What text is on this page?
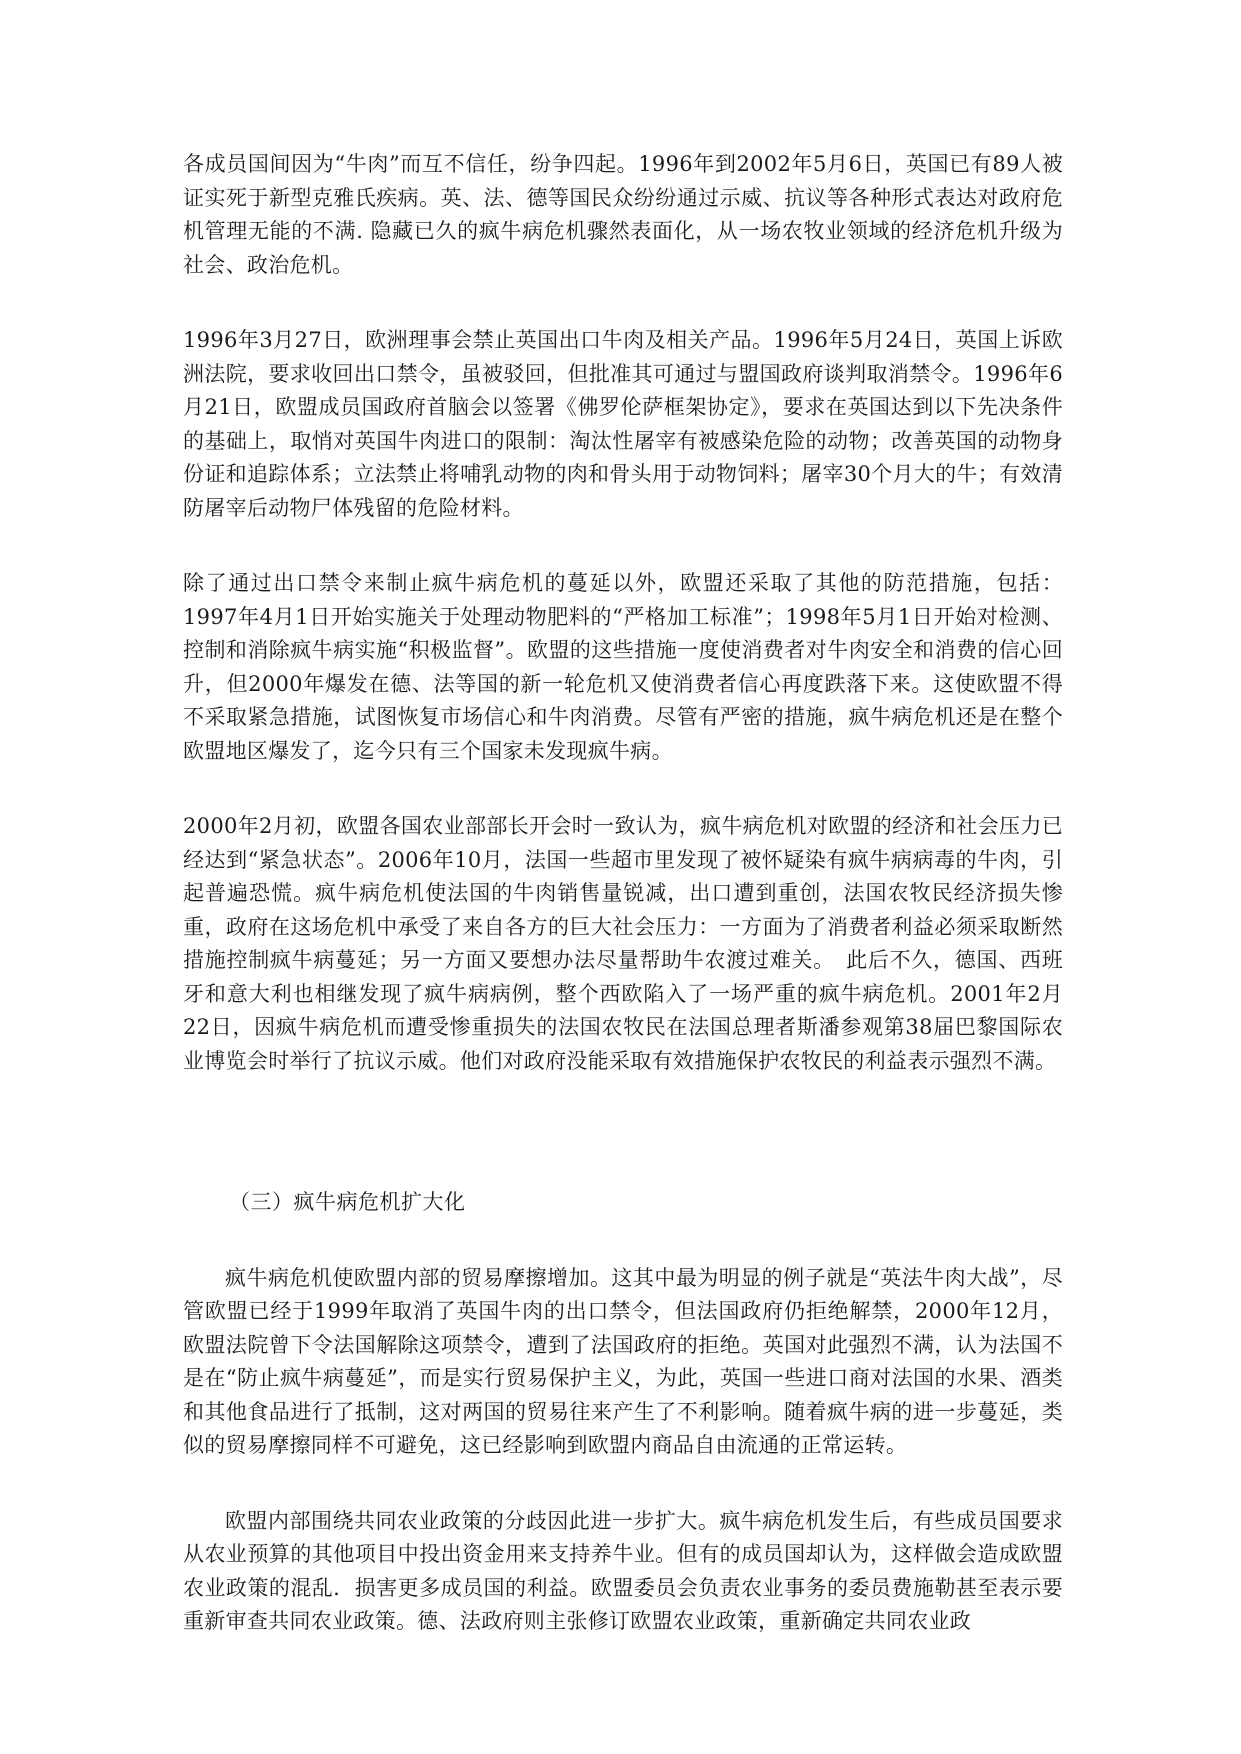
各成员国间因为“牛肉”而互不信任，纷争四起。1996年到2002年5月6日，英国已有89人被证实死于新型克雅氏疾病。英、法、德等国民众纷纷通过示威、抗议等各种形式表达对政府危机管理无能的不满. 隐藏已久的疯牛病危机骤然表面化，从一场农牧业领域的经济危机升级为社会、政治危机。

1996年3月27日，欧洲理事会禁止英国出口牛肉及相关产品。1996年5月24日，英国上诉欧洲法院，要求收回出口禁令，虽被驳回，但批准其可通过与盟国政府谈判取消禁令。1996年6月21日，欧盟成员国政府首脑会以签署《佛罗伦萨框架协定》，要求在英国达到以下先决条件的基础上，取悄对英国牛肉进口的限制：淘汰性屠宰有被感染危险的动物；改善英国的动物身份证和追踪体系；立法禁止将哺乳动物的肉和骨头用于动物饲料；屠宰30个月大的牛；有效清防屠宰后动物尸体残留的危险材料。

除了通过出口禁令来制止疯牛病危机的蔓延以外，欧盟还采取了其他的防范措施，包括：1997年4月1日开始实施关于处理动物肥料的“严格加工标准”；1998年5月1日开始对检测、控制和消除疯牛病实施“积极监督”。欧盟的这些措施一度使消费者对牛肉安全和消费的信心回升，但2000年爆发在德、法等国的新一轮危机又使消费者信心再度跌落下来。这使欧盟不得不采取紧急措施，试图恢复市场信心和牛肉消费。尽管有严密的措施，疯牛病危机还是在整个欧盟地区爆发了，迄今只有三个国家未发现疯牛病。

2000年2月初，欧盟各国农业部部长开会时一致认为，疯牛病危机对欧盟的经济和社会压力已经达到“紧急状态”。2006年10月，法国一些超市里发现了被怀疑染有疯牛病病毒的牛肉，引起普遍恐慌。疯牛病危机使法国的牛肉销售量锐减，出口遭到重创，法国农牧民经济损失惨重，政府在这场危机中承受了来自各方的巨大社会压力：一方面为了消费者利益必须采取断然措施控制疯牛病蔓延；另一方面又要想办法尽量帮助牛农渡过难关。　此后不久，德国、西班牙和意大利也相继发现了疯牛病病例，整个西欧陷入了一场严重的疯牛病危机。2001年2月22日，因疯牛病危机而遭受惨重损失的法国农牧民在法国总理者斯潘参观第38届巴黎国际农业博览会时举行了抗议示威。他们对政府没能采取有效措施保护农牧民的利益表示强烈不满。

（三）疯牛病危机扩大化

疯牛病危机使欧盟内部的贸易摩擦增加。这其中最为明显的例子就是“英法牛肉大战”，尽管欧盟已经于1999年取消了英国牛肉的出口禁令，但法国政府仍拒绝解禁，2000年12月，欧盟法院曾下令法国解除这项禁令，遭到了法国政府的拒绝。英国对此强烈不满，认为法国不是在“防止疯牛病蔓延”，而是实行贸易保护主义，为此，英国一些进口商对法国的水果、酒类和其他食品进行了抵制，这对两国的贸易往来产生了不利影响。随着疯牛病的进一步蔓延，类似的贸易摩擦同样不可避免，这已经影响到欧盟内商品自由流通的正常运转。

欧盟内部围绕共同农业政策的分歧因此进一步扩大。疯牛病危机发生后，有些成员国要求从农业预算的其他项目中投出资金用来支持养牛业。但有的成员国却认为，这样做会造成欧盟农业政策的混乱．损害更多成员国的利益。欧盟委员会负责农业事务的委员费施勒甚至表示要重新审查共同农业政策。德、法政府则主张修订欧盟农业政策，重新确定共同农业政
